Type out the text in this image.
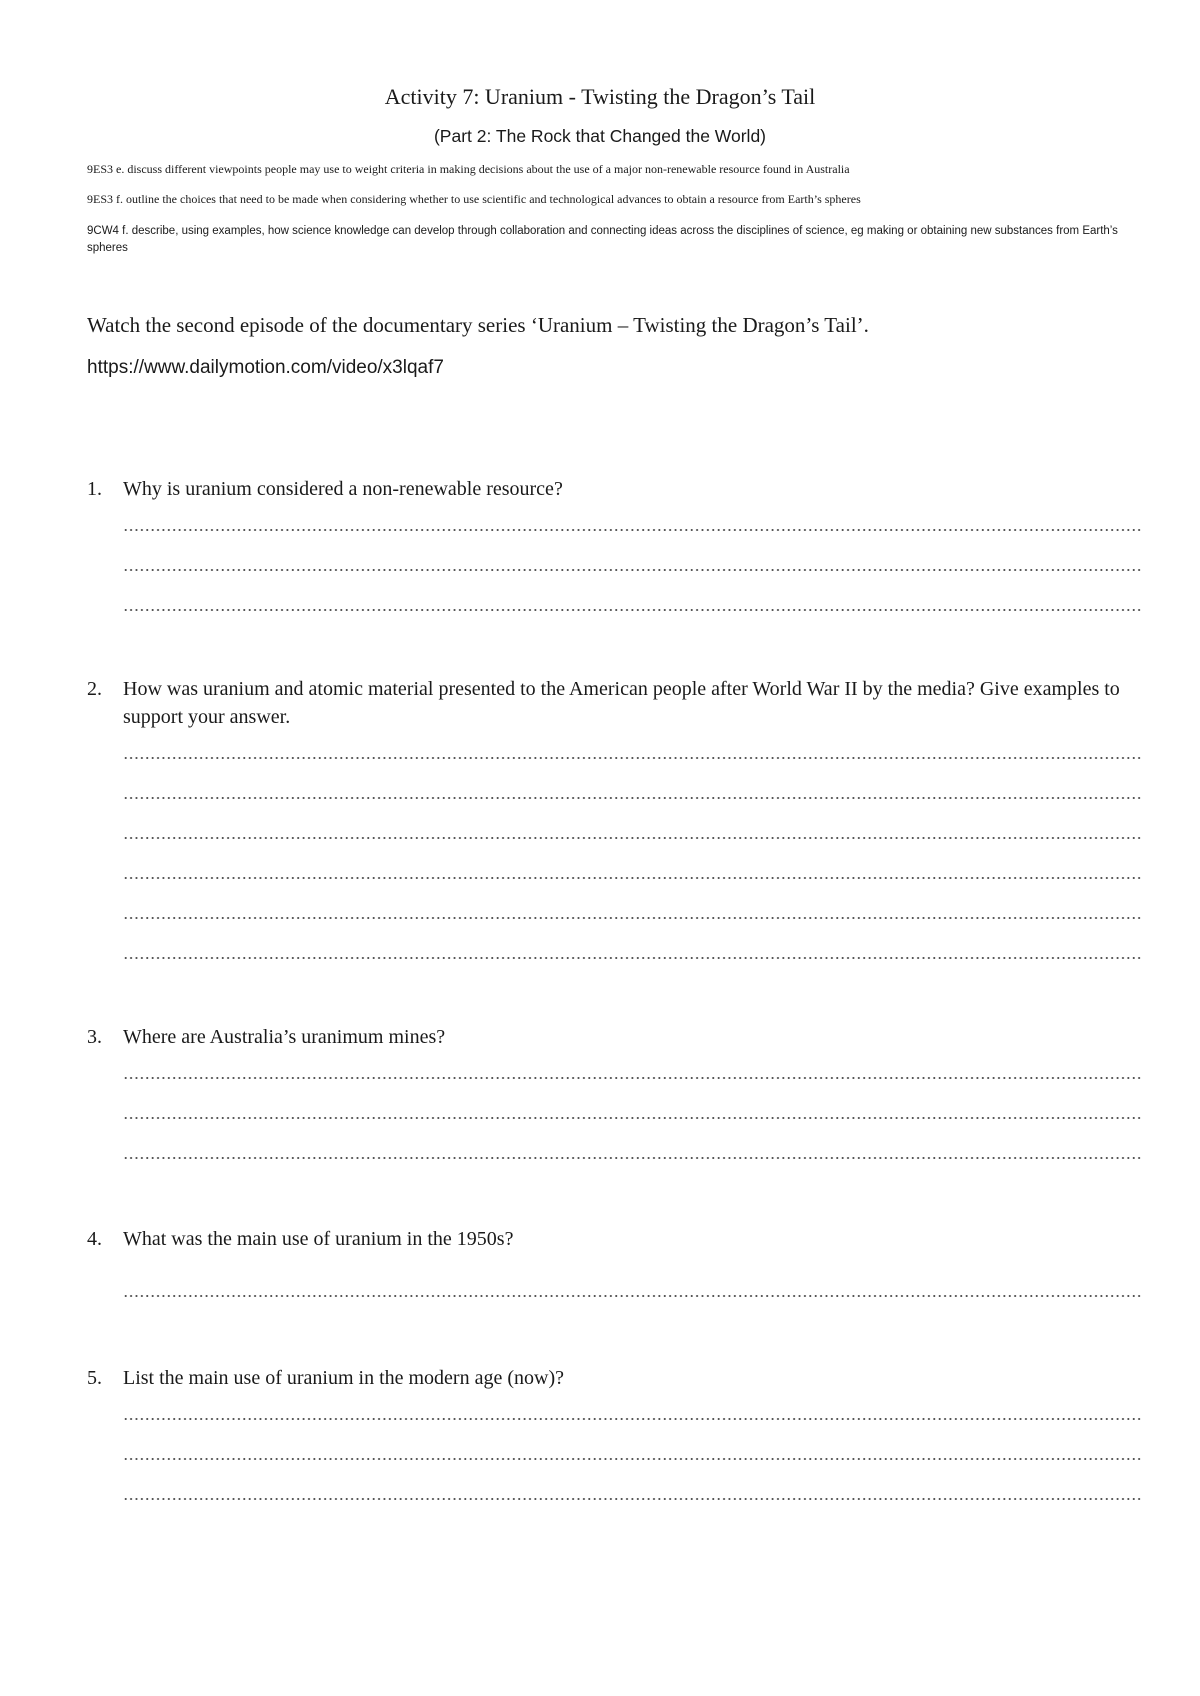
Activity 7: Uranium - Twisting the Dragon’s Tail
(Part 2: The Rock that Changed the World)
9ES3 e. discuss different viewpoints people may use to weight criteria in making decisions about the use of a major non-renewable resource found in Australia
9ES3 f. outline the choices that need to be made when considering whether to use scientific and technological advances to obtain a resource from Earth’s spheres
9CW4 f. describe, using examples, how science knowledge can develop through collaboration and connecting ideas across the disciplines of science, eg making or obtaining new substances from Earth’s spheres
Watch the second episode of the documentary series ‘Uranium – Twisting the Dragon’s Tail’.
https://www.dailymotion.com/video/x3lqaf7
1.	Why is uranium considered a non-renewable resource?
2.	How was uranium and atomic material presented to the American people after World War II by the media? Give examples to support your answer.
3.	Where are Australia’s uranimum mines?
4.	What was the main use of uranium in the 1950s?
5.	List the main use of uranium in the modern age (now)?
